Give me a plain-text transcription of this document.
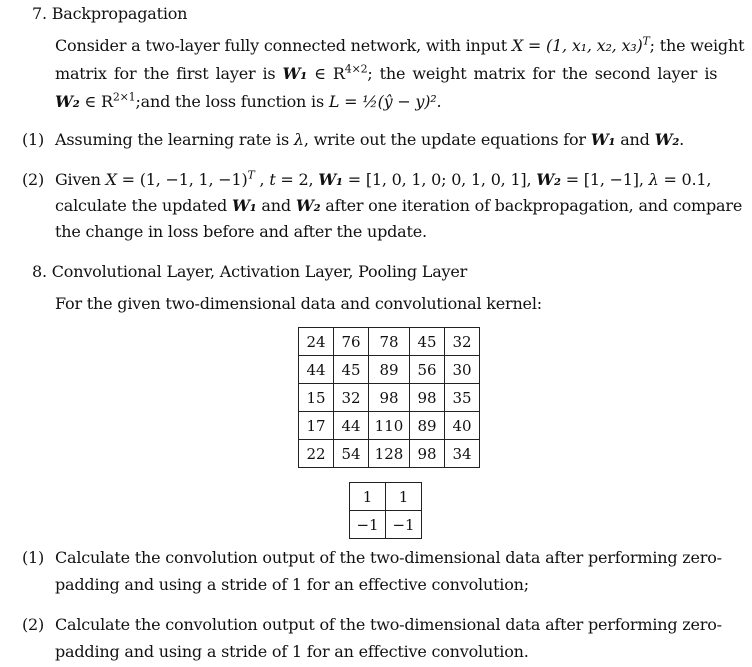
7. Backpropagation
Consider a two-layer fully connected network, with input X = (1, x₁, x₂, x₃)$^T$; the weight
matrix for the first layer is W₁ ∈ $R^{4\times 2}$; the weight matrix for the second layer is
W₂ ∈ $R^{2\times 1};and$ the loss function is L = ½(ŷ − y)².
(1) Assuming the learning rate is λ, write out the update equations for W₁ and W₂.
(2) Given X = (1, −1, 1, −1)$^T$ , t = 2, W₁ = [1, 0, 1, 0; 0, 1, 0, 1], W₂ = [1, −1], λ = 0.1,
calculate the updated W₁ and W₂ after one iteration of backpropagation, and compare
the change in loss before and after the update.
8. Convolutional Layer, Activation Layer, Pooling Layer
For the given two-dimensional data and convolutional kernel:
24	76	78	45	32
44	45	89	56	30
15	32	98	98	35
17	44	110	89	40
22	54	128	98	34
1	1
−1	−1
(1) Calculate the convolution output of the two-dimensional data after performing zero-
padding and using a stride of 1 for an effective convolution;
(2) Calculate the convolution output of the two-dimensional data after performing zero-
padding and using a stride of 1 for an effective convolution.
